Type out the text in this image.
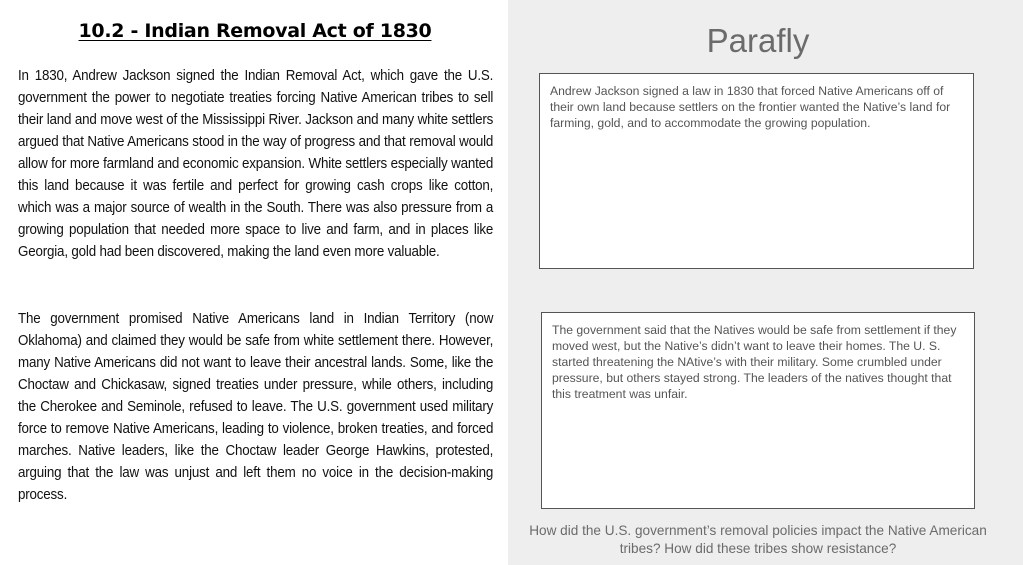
10.2 - Indian Removal Act of 1830
In 1830, Andrew Jackson signed the Indian Removal Act, which gave the U.S. government the power to negotiate treaties forcing Native American tribes to sell their land and move west of the Mississippi River. Jackson and many white settlers argued that Native Americans stood in the way of progress and that removal would allow for more farmland and economic expansion. White settlers especially wanted this land because it was fertile and perfect for growing cash crops like cotton, which was a major source of wealth in the South. There was also pressure from a growing population that needed more space to live and farm, and in places like Georgia, gold had been discovered, making the land even more valuable.
The government promised Native Americans land in Indian Territory (now Oklahoma) and claimed they would be safe from white settlement there. However, many Native Americans did not want to leave their ancestral lands. Some, like the Choctaw and Chickasaw, signed treaties under pressure, while others, including the Cherokee and Seminole, refused to leave. The U.S. government used military force to remove Native Americans, leading to violence, broken treaties, and forced marches. Native leaders, like the Choctaw leader George Hawkins, protested, arguing that the law was unjust and left them no voice in the decision-making process.
Parafly
Andrew Jackson signed a law in 1830 that forced Native Americans off of their own land because settlers on the frontier wanted the Native’s land for farming, gold, and to accommodate the growing population.
The government said that the Natives would be safe from settlement if they moved west, but the Native’s didn’t want to leave their homes. The U. S. started threatening the NAtive’s with their military. Some crumbled under pressure, but others stayed strong. The leaders of the natives thought that this treatment was unfair.
How did the U.S. government’s removal policies impact the Native American tribes? How did these tribes show resistance?
